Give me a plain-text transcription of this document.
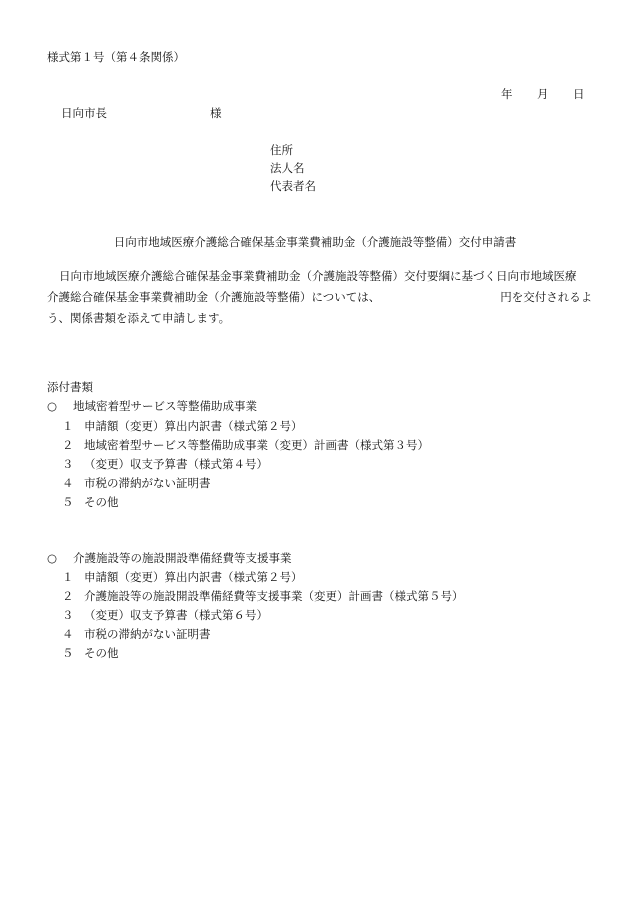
様式第１号（第４条関係）
年 月 日
日向市長	様
住所
法人名
代表者名
日向市地域医療介護総合確保基金事業費補助金（介護施設等整備）交付申請書
日向市地域医療介護総合確保基金事業費補助金（介護施設等整備）交付要綱に基づく日向市地域医療
介護総合確保基金事業費補助金（介護施設等整備）については、	円を交付されるよ
う、関係書類を添えて申請します。
添付書類
○ 地域密着型サービス等整備助成事業
１ 申請額（変更）算出内訳書（様式第２号）
２ 地域密着型サービス等整備助成事業（変更）計画書（様式第３号）
３ （変更）収支予算書（様式第４号）
４ 市税の滞納がない証明書
５ その他
○ 介護施設等の施設開設準備経費等支援事業
１ 申請額（変更）算出内訳書（様式第２号）
２ 介護施設等の施設開設準備経費等支援事業（変更）計画書（様式第５号）
３ （変更）収支予算書（様式第６号）
４ 市税の滞納がない証明書
５ その他
